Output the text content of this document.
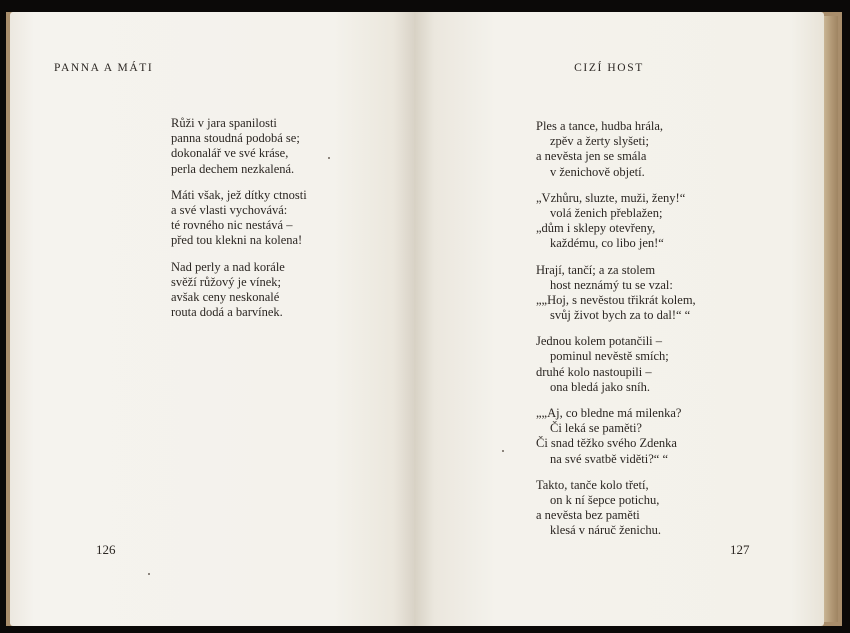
PANNA A MÁTI
Růži v jara spanilosti
panna stoudná podobá se;
dokonalář ve své kráse,
perla dechem nezkalená.
Máti však, jež dítky ctnosti
a své vlasti vychovává:
té rovného nic nestává –
před tou klekni na kolena!
Nad perly a nad korále
svěží růžový je vínek;
avšak ceny neskonalé
routa dodá a barvínek.
126
CIZÍ HOST
Ples a tance, hudba hrála,
zpěv a žerty slyšeti;
a nevěsta jen se smála
v ženichově objetí.
„Vzhůru, sluzte, muži, ženy!“
volá ženich přeblažen;
„dům i sklepy otevřeny,
každému, co libo jen!“
Hrají, tančí; a za stolem
host neznámý tu se vzal:
„„Hoj, s nevěstou třikrát kolem,
svůj život bych za to dal!“ “
Jednou kolem potančili –
pominul nevěstě smích;
druhé kolo nastoupili –
ona bledá jako sníh.
„„Aj, co bledne má milenka?
Či leká se paměti?
Či snad těžko svého Zdenka
na své svatbě viděti?“ “
Takto, tanče kolo třetí,
on k ní šepce potichu,
a nevěsta bez paměti
klesá v náruč ženichu.
127
